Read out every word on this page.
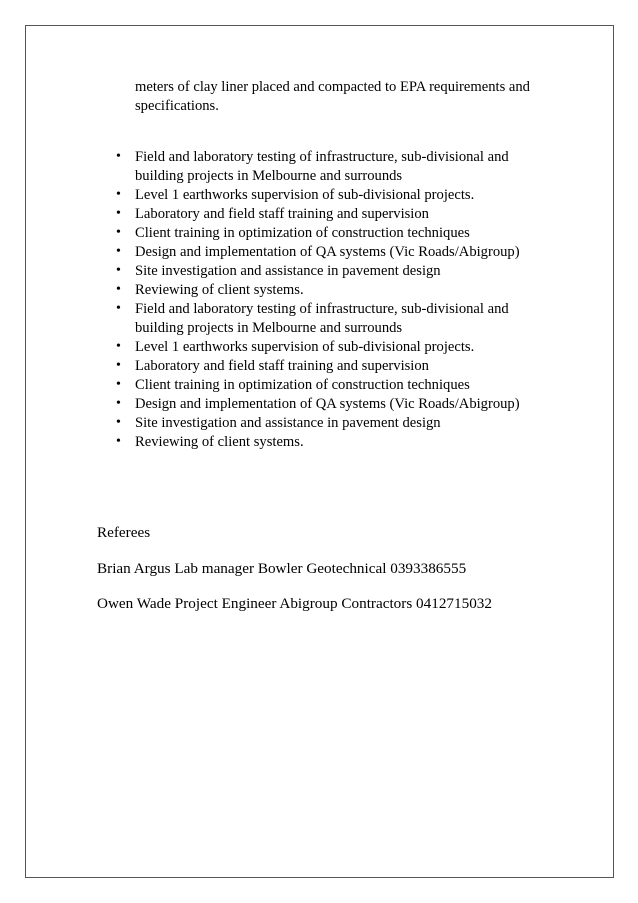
meters of clay liner placed and compacted to EPA requirements and specifications.

• Field and laboratory testing of infrastructure, sub-divisional and building projects in Melbourne and surrounds
• Level 1 earthworks supervision of sub-divisional projects.
• Laboratory and field staff training and supervision
• Client training in optimization of construction techniques
• Design and implementation of QA systems (Vic Roads/Abigroup)
• Site investigation and assistance in pavement design
• Reviewing of client systems.
• Field and laboratory testing of infrastructure, sub-divisional and building projects in Melbourne and surrounds
• Level 1 earthworks supervision of sub-divisional projects.
• Laboratory and field staff training and supervision
• Client training in optimization of construction techniques
• Design and implementation of QA systems (Vic Roads/Abigroup)
• Site investigation and assistance in pavement design
• Reviewing of client systems.

Referees

Brian Argus Lab manager Bowler Geotechnical 0393386555

Owen Wade Project Engineer Abigroup Contractors 0412715032
